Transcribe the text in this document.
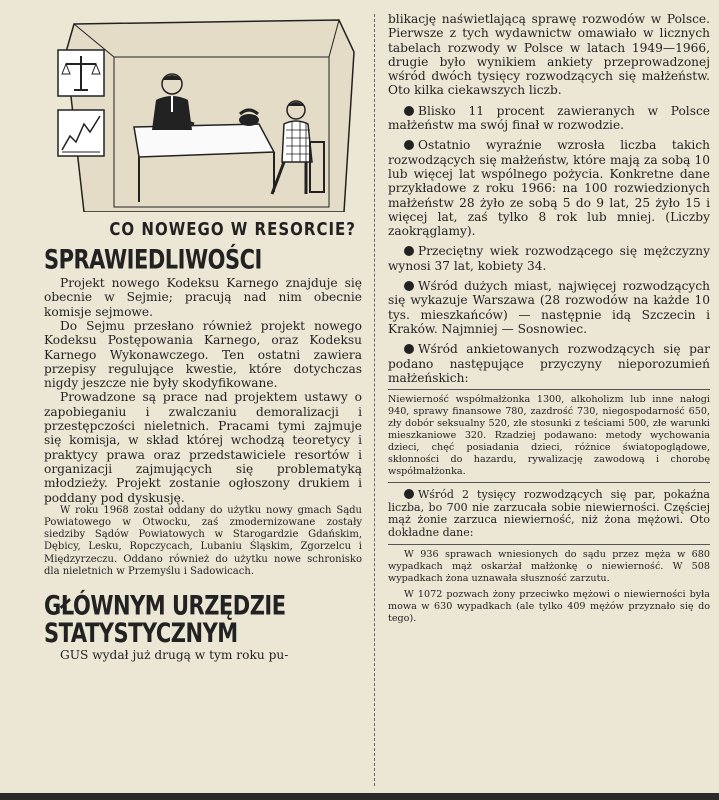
CO NOWEGO W RESORCIE?
SPRAWIEDLIWOŚCI

Projekt nowego Kodeksu Karnego znajduje się obecnie w Sejmie; pracują nad nim obecnie komisje sejmowe.

Do Sejmu przesłano również projekt nowego Kodeksu Postępowania Karnego, oraz Kodeksu Karnego Wykonawczego. Ten ostatni zawiera przepisy regulujące kwestie, które dotychczas nigdy jeszcze nie były skodyfikowane.

Prowadzone są prace nad projektem ustawy o zapobieganiu i zwalczaniu demoralizacji i przestępczości nieletnich. Pracami tymi zajmuje się komisja, w skład której wchodzą teoretycy i praktycy prawa oraz przedstawiciele resortów i organizacji zajmujących się problematyką młodzieży. Projekt zostanie ogłoszony drukiem i poddany pod dyskusję.

W roku 1968 został oddany do użytku nowy gmach Sądu Powiatowego w Otwocku, zaś zmodernizowane zostały siedziby Sądów Powiatowych w Starogardzie Gdańskim, Dębicy, Lesku, Ropczycach, Lubaniu Śląskim, Zgorzelcu i Międzyrzeczu. Oddano również do użytku nowe schronisko dla nieletnich w Przemyślu i Sadowicach.

GŁÓWNYM URZĘDZIE
STATYSTYCZNYM

GUS wydał już drugą w tym roku pu-

blikację naświetlającą sprawę rozwodów w Polsce. Pierwsze z tych wydawnictw omawiało w licznych tabelach rozwody w Polsce w latach 1949—1966, drugie było wynikiem ankiety przeprowadzonej wśród dwóch tysięcy rozwodzących się małżeństw. Oto kilka ciekawszych liczb.

Blisko 11 procent zawieranych w Polsce małżeństw ma swój finał w rozwodzie.

Ostatnio wyraźnie wzrosła liczba takich rozwodzących się małżeństw, które mają za sobą 10 lub więcej lat wspólnego pożycia. Konkretne dane przykładowe z roku 1966: na 100 rozwiedzionych małżeństw 28 żyło ze sobą 5 do 9 lat, 25 żyło 15 i więcej lat, zaś tylko 8 rok lub mniej. (Liczby zaokrąglamy).

Przeciętny wiek rozwodzącego się mężczyzny wynosi 37 lat, kobiety 34.

Wśród dużych miast, najwięcej rozwodzących się wykazuje Warszawa (28 rozwodów na każde 10 tys. mieszkańców) — następnie idą Szczecin i Kraków. Najmniej — Sosnowiec.

Wśród ankietowanych rozwodzących się par podano następujące przyczyny nieporozumień małżeńskich:

Niewierność współmałżonka 1300, alkoholizm lub inne nałogi 940, sprawy finansowe 780, zazdrość 730, niegospodarność 650, zły dobór seksualny 520, złe stosunki z teściami 500, złe warunki mieszkaniowe 320. Rzadziej podawano: metody wychowania dzieci, chęć posiadania dzieci, różnice światopoglądowe, skłonności do hazardu, rywalizację zawodową i chorobę współmałżonka.

Wśród 2 tysięcy rozwodzących się par, pokaźna liczba, bo 700 nie zarzucała sobie niewierności. Częściej mąż żonie zarzuca niewierność, niż żona mężowi. Oto dokładne dane:

W 936 sprawach wniesionych do sądu przez męża w 680 wypadkach mąż oskarżał małżonkę o niewierność. W 508 wypadkach żona uznawała słuszność zarzutu.

W 1072 pozwach żony przeciwko mężowi o niewierności była mowa w 630 wypadkach (ale tylko 409 mężów przyznało się do tego).
